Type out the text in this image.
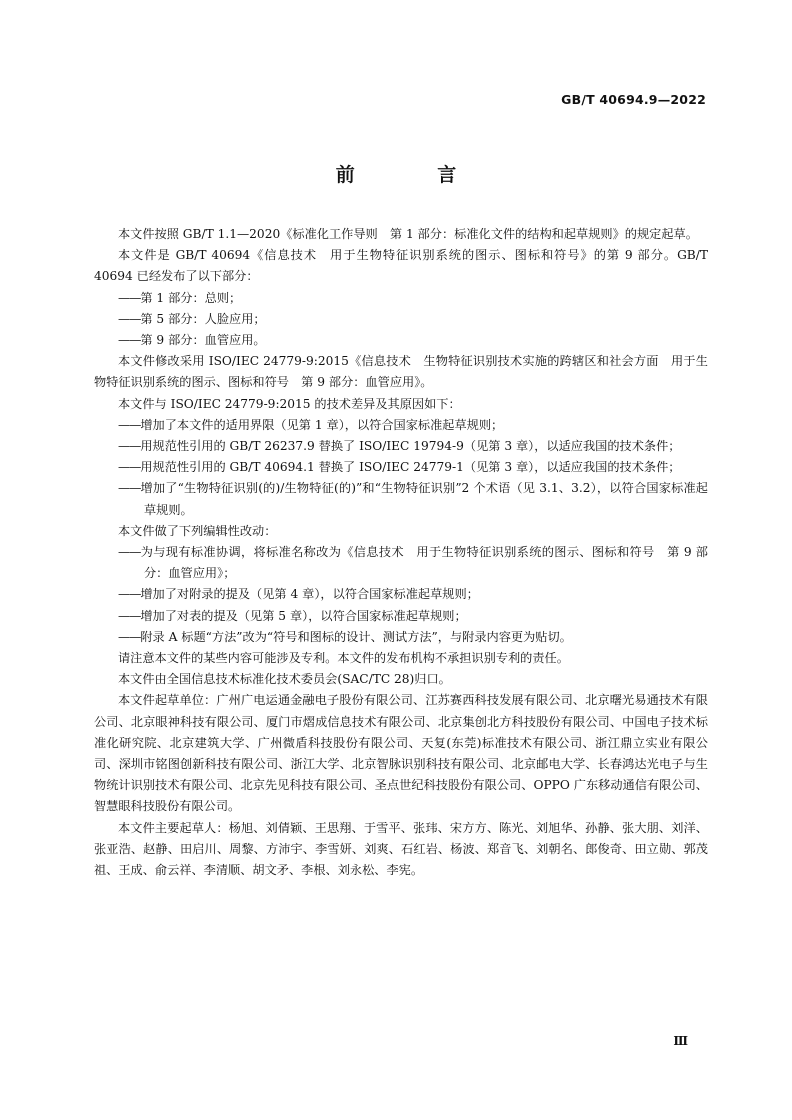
GB/T 40694.9—2022
前 言

本文件按照 GB/T 1.1—2020《标准化工作导则　第 1 部分：标准化文件的结构和起草规则》的规定起草。

本文件是 GB/T 40694《信息技术　用于生物特征识别系统的图示、图标和符号》的第 9 部分。GB/T 40694 已经发布了以下部分：

——第 1 部分：总则；

——第 5 部分：人脸应用；

——第 9 部分：血管应用。

本文件修改采用 ISO/IEC 24779-9:2015《信息技术　生物特征识别技术实施的跨辖区和社会方面　用于生物特征识别系统的图示、图标和符号　第 9 部分：血管应用》。

本文件与 ISO/IEC 24779-9:2015 的技术差异及其原因如下：

——增加了本文件的适用界限（见第 1 章），以符合国家标准起草规则；

——用规范性引用的 GB/T 26237.9 替换了 ISO/IEC 19794-9（见第 3 章），以适应我国的技术条件；

——用规范性引用的 GB/T 40694.1 替换了 ISO/IEC 24779-1（见第 3 章），以适应我国的技术条件；

——增加了“生物特征识别(的)/生物特征(的)”和“生物特征识别”2 个术语（见 3.1、3.2），以符合国家标准起草规则。

本文件做了下列编辑性改动：

——为与现有标准协调，将标准名称改为《信息技术　用于生物特征识别系统的图示、图标和符号　第 9 部分：血管应用》；

——增加了对附录的提及（见第 4 章），以符合国家标准起草规则；

——增加了对表的提及（见第 5 章），以符合国家标准起草规则；

——附录 A 标题“方法”改为“符号和图标的设计、测试方法”，与附录内容更为贴切。

请注意本文件的某些内容可能涉及专利。本文件的发布机构不承担识别专利的责任。

本文件由全国信息技术标准化技术委员会(SAC/TC 28)归口。

本文件起草单位：广州广电运通金融电子股份有限公司、江苏赛西科技发展有限公司、北京曙光易通技术有限公司、北京眼神科技有限公司、厦门市熠成信息技术有限公司、北京集创北方科技股份有限公司、中国电子技术标准化研究院、北京建筑大学、广州微盾科技股份有限公司、天复(东莞)标准技术有限公司、浙江鼎立实业有限公司、深圳市铭图创新科技有限公司、浙江大学、北京智脉识别科技有限公司、北京邮电大学、长春鸿达光电子与生物统计识别技术有限公司、北京先见科技有限公司、圣点世纪科技股份有限公司、OPPO 广东移动通信有限公司、智慧眼科技股份有限公司。

本文件主要起草人：杨旭、刘倩颖、王思翔、于雪平、张玮、宋方方、陈光、刘旭华、孙静、张大朋、刘洋、张亚浩、赵静、田启川、周黎、方沛宇、李雪妍、刘爽、石红岩、杨波、郑音飞、刘朝名、郎俊奇、田立勋、郭茂祖、王成、俞云祥、李清顺、胡文矛、李根、刘永松、李宪。

Ⅲ
